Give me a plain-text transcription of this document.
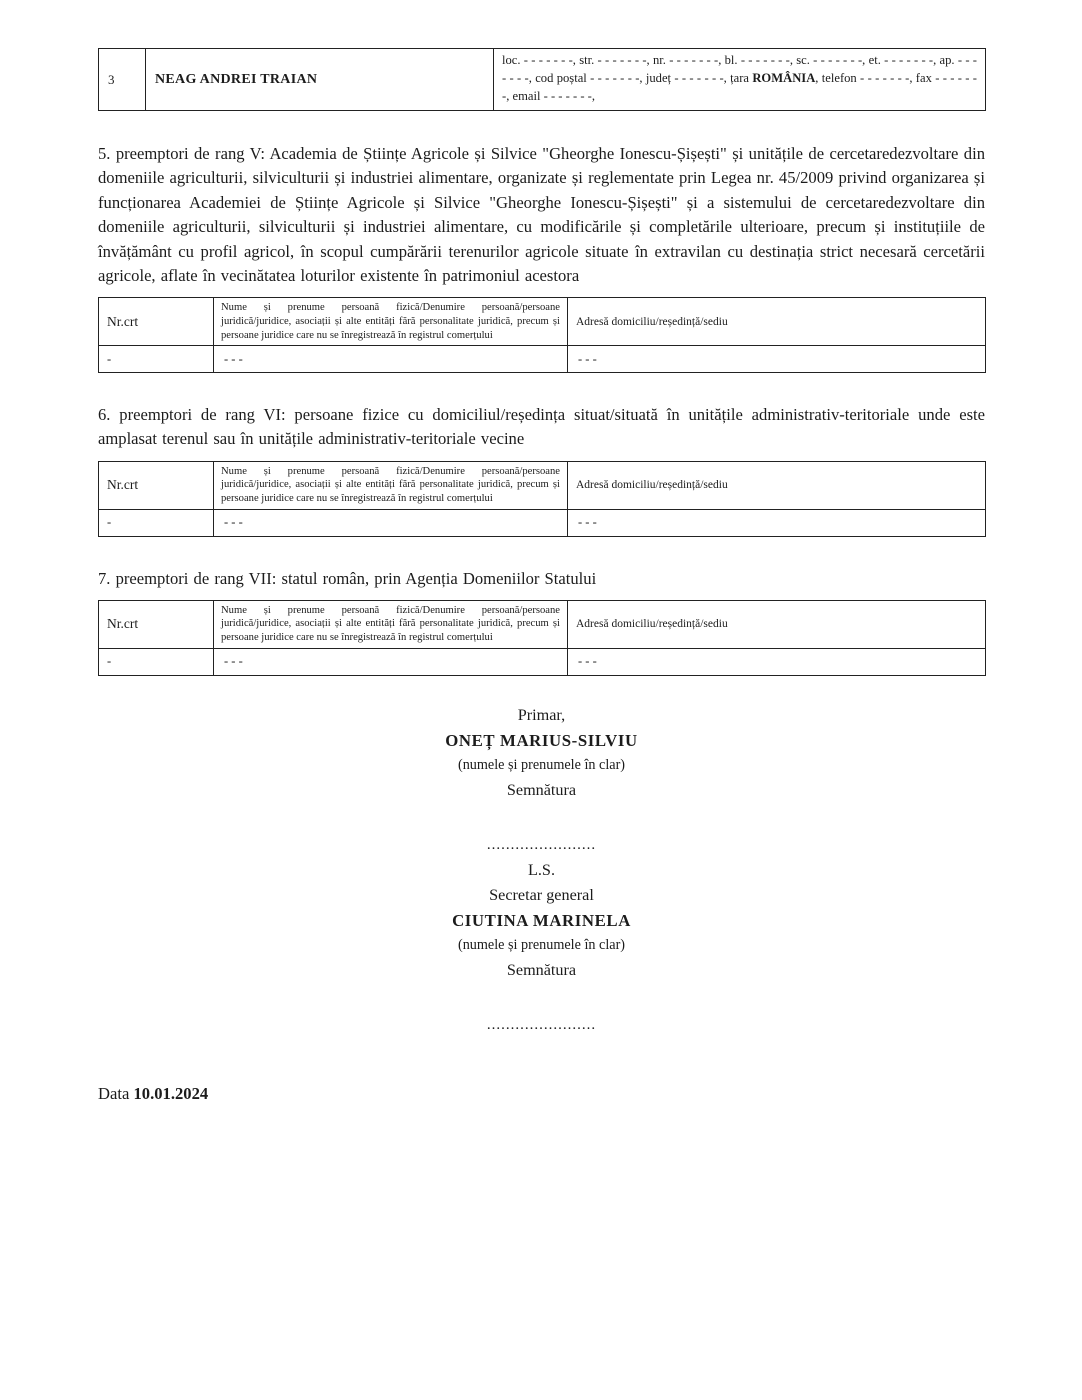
3	NEAG ANDREI TRAIAN	loc. - - - - - - -, str. - - - - - - -, nr. - - - - - - -, bl. - - - - - - -, sc. - - - - - - -, et. - - - - - - -, ap. - - - - - - -, cod poștal - - - - - - -, județ - - - - - - -, țara ROMÂNIA, telefon - - - - - - -, fax - - - - - - -, email - - - - - - -,

5. preemptori de rang V: Academia de Științe Agricole și Silvice "Gheorghe Ionescu-Șișești" și unitățile de cercetaredezvoltare din domeniile agriculturii, silviculturii și industriei alimentare, organizate și reglementate prin Legea nr. 45/2009 privind organizarea și funcționarea Academiei de Științe Agricole și Silvice "Gheorghe Ionescu-Șișești" și a sistemului de cercetaredezvoltare din domeniile agriculturii, silviculturii și industriei alimentare, cu modificările și completările ulterioare, precum și instituțiile de învățământ cu profil agricol, în scopul cumpărării terenurilor agricole situate în extravilan cu destinația strict necesară cercetării agricole, aflate în vecinătatea loturilor existente în patrimoniul acestora

Nr.crt	Nume și prenume persoană fizică/Denumire persoană/persoane juridică/juridice, asociații și alte entități fără personalitate juridică, precum și persoane juridice care nu se înregistrează în registrul comerțului	Adresă domiciliu/reședință/sediu
-	- - -	- - -

6. preemptori de rang VI: persoane fizice cu domiciliul/reședința situat/situată în unitățile administrativ-teritoriale unde este amplasat terenul sau în unitățile administrativ-teritoriale vecine

Nr.crt	Nume și prenume persoană fizică/Denumire persoană/persoane juridică/juridice, asociații și alte entități fără personalitate juridică, precum și persoane juridice care nu se înregistrează în registrul comerțului	Adresă domiciliu/reședință/sediu
-	- - -	- - -

7. preemptori de rang VII: statul român, prin Agenția Domeniilor Statului

Nr.crt	Nume și prenume persoană fizică/Denumire persoană/persoane juridică/juridice, asociații și alte entități fără personalitate juridică, precum și persoane juridice care nu se înregistrează în registrul comerțului	Adresă domiciliu/reședință/sediu
-	- - -	- - -
Primar,
ONEȚ MARIUS-SILVIU
(numele și prenumele în clar)
Semnătura
.......................
L.S.
Secretar general
CIUTINA MARINELA
(numele și prenumele în clar)
Semnătura
.......................
Data 10.01.2024
